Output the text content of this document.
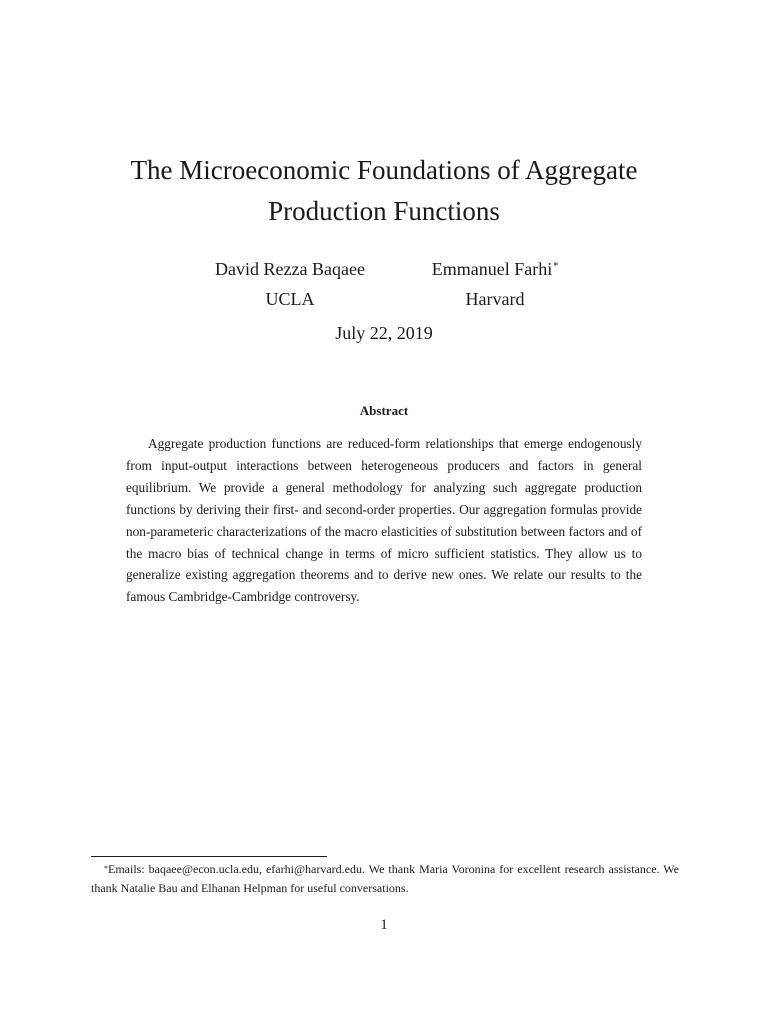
The Microeconomic Foundations of Aggregate
Production Functions
David Rezza Baqaee
UCLA
Emmanuel Farhi*
Harvard
July 22, 2019
Abstract

Aggregate production functions are reduced-form relationships that emerge endogenously from input-output interactions between heterogeneous producers and factors in general equilibrium. We provide a general methodology for analyzing such aggregate production functions by deriving their first- and second-order properties. Our aggregation formulas provide non-parameteric characterizations of the macro elasticities of substitution between factors and of the macro bias of technical change in terms of micro sufficient statistics. They allow us to generalize existing aggregation theorems and to derive new ones. We relate our results to the famous Cambridge-Cambridge controversy.

*Emails: baqaee@econ.ucla.edu, efarhi@harvard.edu. We thank Maria Voronina for excellent research assistance. We thank Natalie Bau and Elhanan Helpman for useful conversations.

1
